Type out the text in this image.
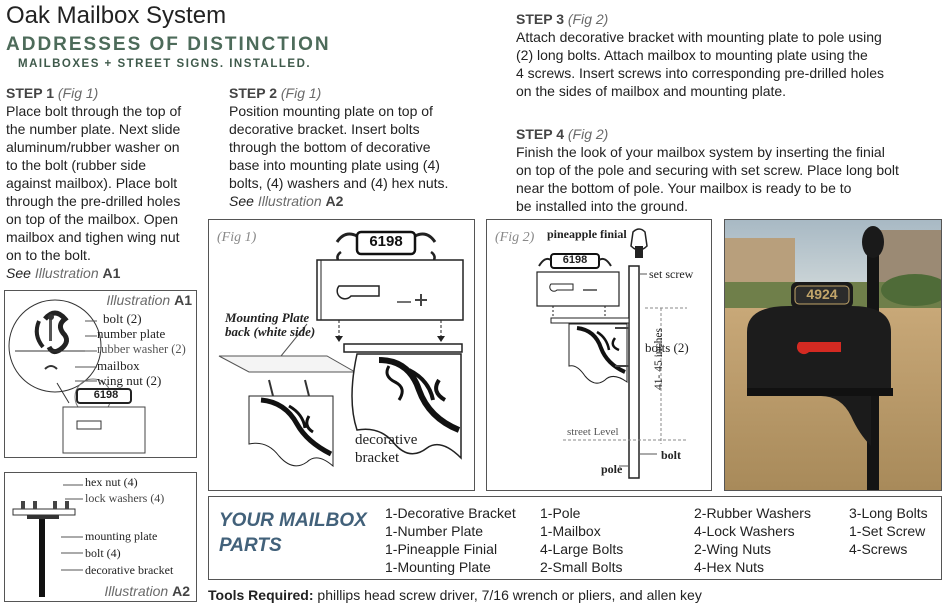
Oak Mailbox System
ADDRESSES OF DISTINCTION
MAILBOXES + STREET SIGNS. INSTALLED.
STEP 1 (Fig 1)
Place bolt through the top of
the number plate. Next slide
aluminum/rubber washer on
to the bolt (rubber side
against mailbox). Place bolt
through the pre-drilled holes
on top of the mailbox. Open
mailbox and tighen wing nut
on to the bolt.
See Illustration A1
STEP 2 (Fig 1)
Position mounting plate on top of
decorative bracket. Insert bolts
through the bottom of decorative
base into mounting plate using (4)
bolts, (4) washers and (4) hex nuts.
See Illustration A2
STEP 3 (Fig 2)
Attach decorative bracket with mounting plate to pole using
(2) long bolts. Attach mailbox to mounting plate using the
4 screws. Insert screws into corresponding pre-drilled holes
on the sides of mailbox and mounting plate.
STEP 4 (Fig 2)
Finish the look of your mailbox system by inserting the finial
on top of the pole and securing with set screw. Place long bolt
near the bottom of pole. Your mailbox is ready to be to
be installed into the ground.
Illustration A1
bolt (2)
number plate
rubber washer (2)
mailbox
wing nut (2)
6198
hex nut (4)
lock washers (4)
mounting plate
bolt (4)
decorative bracket
Illustration A2
(Fig 1)	6198
Mounting Plate
back (white side)
decorative
bracket
(Fig 2) pineapple finial
6198
set screw
bolts (2)
41- 45 inches
street Level
bolt
pole
4924
YOUR MAILBOX
PARTS
1-Decorative Bracket
1-Number Plate
1-Pineapple Finial
1-Mounting Plate
1-Pole
1-Mailbox
4-Large Bolts
2-Small Bolts
2-Rubber Washers
4-Lock Washers
2-Wing Nuts
4-Hex Nuts
3-Long Bolts
1-Set Screw
4-Screws
Tools Required: phillips head screw driver, 7/16 wrench or pliers, and allen key
